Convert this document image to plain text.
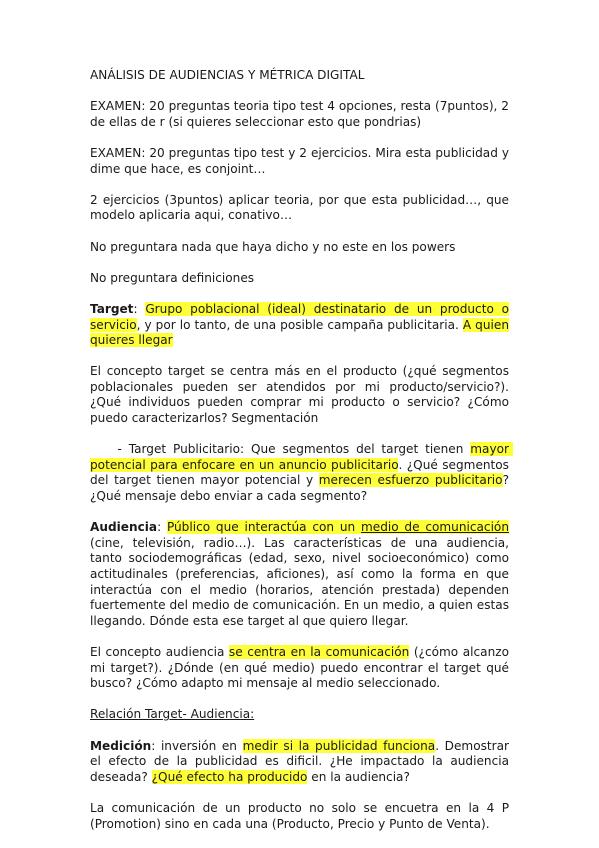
ANÁLISIS DE AUDIENCIAS Y MÉTRICA DIGITAL

EXAMEN: 20 preguntas teoria tipo test 4 opciones, resta (7puntos), 2 de ellas de r (si quieres seleccionar esto que pondrias)

EXAMEN: 20 preguntas tipo test y 2 ejercicios. Mira esta publicidad y dime que hace, es conjoint…

2 ejercicios (3puntos) aplicar teoria, por que esta publicidad…, que modelo aplicaria aqui, conativo…

No preguntara nada que haya dicho y no este en los powers

No preguntara definiciones

Target: Grupo poblacional (ideal) destinatario de un producto o servicio, y por lo tanto, de una posible campaña publicitaria. A quien quieres llegar

El concepto target se centra más en el producto (¿qué segmentos poblacionales pueden ser atendidos por mi producto/servicio?). ¿Qué individuos pueden comprar mi producto o servicio? ¿Cómo puedo caracterizarlos? Segmentación

- Target Publicitario: Que segmentos del target tienen mayor potencial para enfocare en un anuncio publicitario. ¿Qué segmentos del target tienen mayor potencial y merecen esfuerzo publicitario? ¿Qué mensaje debo enviar a cada segmento?

Audiencia: Público que interactúa con un medio de comunicación (cine, televisión, radio…). Las características de una audiencia, tanto sociodemográficas (edad, sexo, nivel socioeconómico) como actitudinales (preferencias, aficiones), así como la forma en que interactúa con el medio (horarios, atención prestada) dependen fuertemente del medio de comunicación. En un medio, a quien estas llegando. Dónde esta ese target al que quiero llegar.

El concepto audiencia se centra en la comunicación (¿cómo alcanzo mi target?). ¿Dónde (en qué medio) puedo encontrar el target qué busco? ¿Cómo adapto mi mensaje al medio seleccionado.

Relación Target- Audiencia:

Medición: inversión en medir si la publicidad funciona. Demostrar el efecto de la publicidad es dificil. ¿He impactado la audiencia deseada? ¿Qué efecto ha producido en la audiencia?

La comunicación de un producto no solo se encuetra en la 4 P (Promotion) sino en cada una (Producto, Precio y Punto de Venta).
